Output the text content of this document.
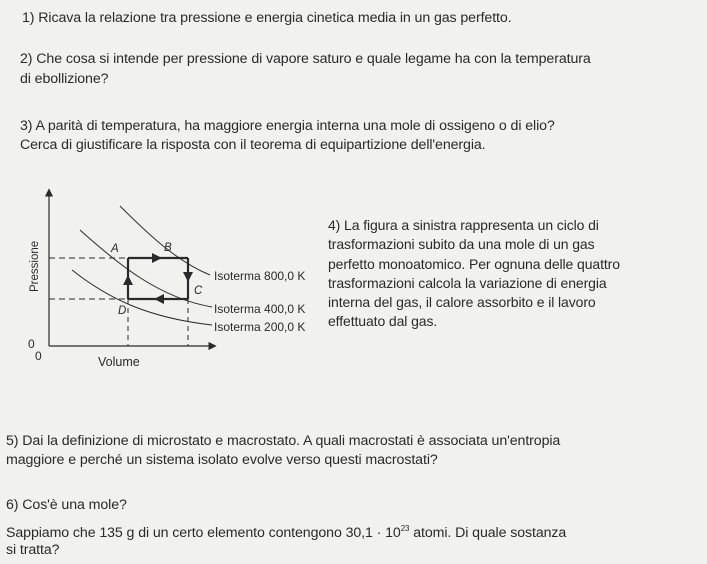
1) Ricava la relazione tra pressione e energia cinetica media in un gas perfetto.
2) Che cosa si intende per pressione di vapore saturo e quale legame ha con la temperatura
di ebollizione?
3) A parità di temperatura, ha maggiore energia interna una mole di ossigeno o di elio?
Cerca di giustificare la risposta con il teorema di equipartizione dell'energia.
Pressione
Volume
0
0
A	B
C
D
Isoterma 800,0 K
Isoterma 400,0 K
Isoterma 200,0 K
4) La figura a sinistra rappresenta un ciclo di
trasformazioni subito da una mole di un gas
perfetto monoatomico. Per ognuna delle quattro
trasformazioni calcola la variazione di energia
interna del gas, il calore assorbito e il lavoro
effettuato dal gas.
5) Dai la definizione di microstato e macrostato. A quali macrostati è associata un'entropia
maggiore e perché un sistema isolato evolve verso questi macrostati?
6) Cos'è una mole?
Sappiamo che 135 g di un certo elemento contengono $30,1 \cdot 10^{23}$ atomi. Di quale sostanza
si tratta?
